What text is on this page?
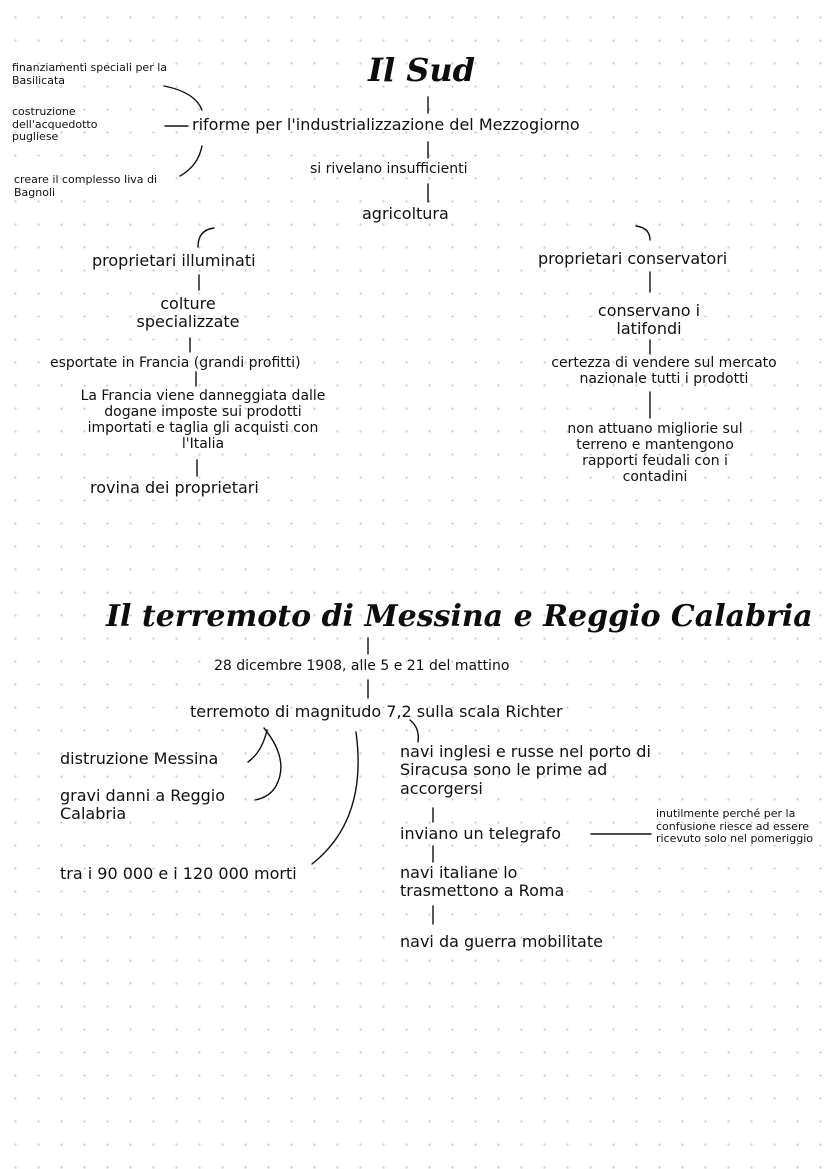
Il Sud
finanziamenti speciali per la Basilicata
costruzione dell'acquedotto pugliese
creare il complesso Iiva di Bagnoli
riforme per l'industrializzazione del Mezzogiorno
si rivelano insufficienti
agricoltura
proprietari illuminati
colture specializzate
esportate in Francia (grandi profitti)
La Francia viene danneggiata dalle dogane imposte sui prodotti importati e taglia gli acquisti con l'Italia
rovina dei proprietari
proprietari conservatori
conservano i latifondi
certezza di vendere sul mercato nazionale tutti i prodotti
non attuano migliorie sul terreno e mantengono rapporti feudali con i contadini
Il terremoto di Messina e Reggio Calabria
28 dicembre 1908, alle 5 e 21 del mattino
terremoto di magnitudo 7,2 sulla scala Richter
distruzione Messina
gravi danni a Reggio Calabria
tra i 90 000 e i 120 000 morti
navi inglesi e russe nel porto di Siracusa sono le prime ad accorgersi
inviano un telegrafo
inutilmente perché per la confusione riesce ad essere ricevuto solo nel pomeriggio
navi italiane lo trasmettono a Roma
navi da guerra mobilitate
